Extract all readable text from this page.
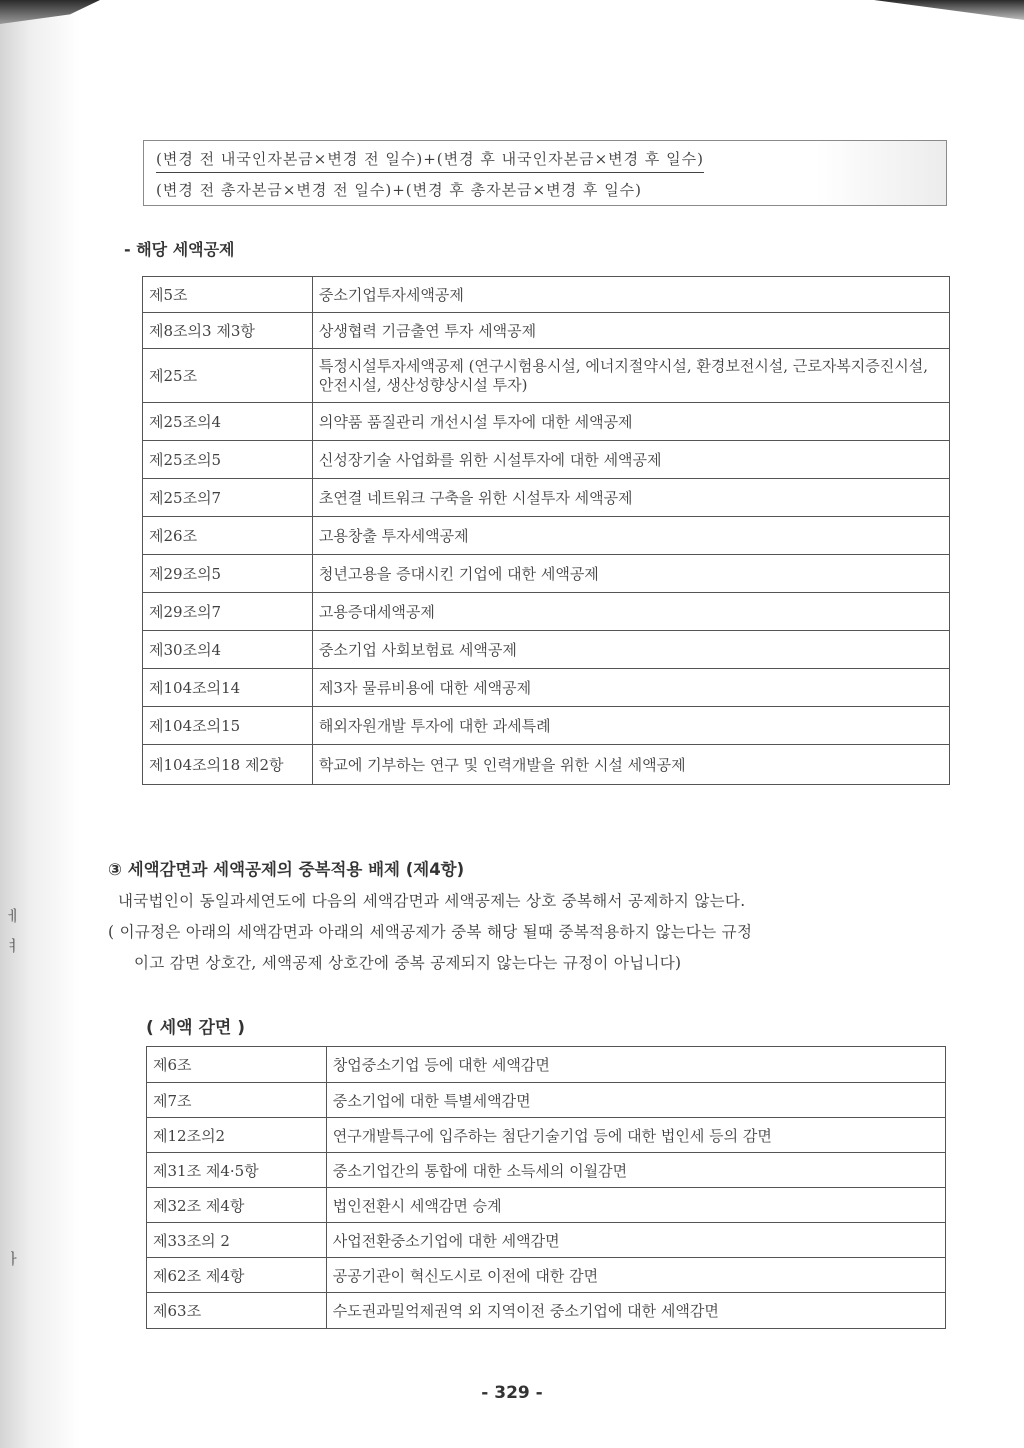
ㅔ
ㅕ
ㅏ
(변경 전 내국인자본금×변경 전 일수)+(변경 후 내국인자본금×변경 후 일수)
(변경 전 총자본금×변경 전 일수)+(변경 후 총자본금×변경 후 일수)
- 해당 세액공제
제5조	중소기업투자세액공제
제8조의3 제3항	상생협력 기금출연 투자 세액공제
제25조	특정시설투자세액공제 (연구시험용시설, 에너지절약시설, 환경보전시설, 근로자복지증진시설, 안전시설, 생산성향상시설 투자)
제25조의4	의약품 품질관리 개선시설 투자에 대한 세액공제
제25조의5	신성장기술 사업화를 위한 시설투자에 대한 세액공제
제25조의7	초연결 네트워크 구축을 위한 시설투자 세액공제
제26조	고용창출 투자세액공제
제29조의5	청년고용을 증대시킨 기업에 대한 세액공제
제29조의7	고용증대세액공제
제30조의4	중소기업 사회보험료 세액공제
제104조의14	제3자 물류비용에 대한 세액공제
제104조의15	해외자원개발 투자에 대한 과세특례
제104조의18 제2항	학교에 기부하는 연구 및 인력개발을 위한 시설 세액공제
③ 세액감면과 세액공제의 중복적용 배제 (제4항)

내국법인이 동일과세연도에 다음의 세액감면과 세액공제는 상호 중복해서 공제하지 않는다.

( 이규정은 아래의 세액감면과 아래의 세액공제가 중복 해당 될때 중복적용하지 않는다는 규정

이고 감면 상호간, 세액공제 상호간에 중복 공제되지 않는다는 규정이 아닙니다)

( 세액 감면 )
제6조	창업중소기업 등에 대한 세액감면
제7조	중소기업에 대한 특별세액감면
제12조의2	연구개발특구에 입주하는 첨단기술기업 등에 대한 법인세 등의 감면
제31조 제4·5항	중소기업간의 통합에 대한 소득세의 이월감면
제32조 제4항	법인전환시 세액감면 승계
제33조의 2	사업전환중소기업에 대한 세액감면
제62조 제4항	공공기관이 혁신도시로 이전에 대한 감면
제63조	수도권과밀억제권역 외 지역이전 중소기업에 대한 세액감면
- 329 -
